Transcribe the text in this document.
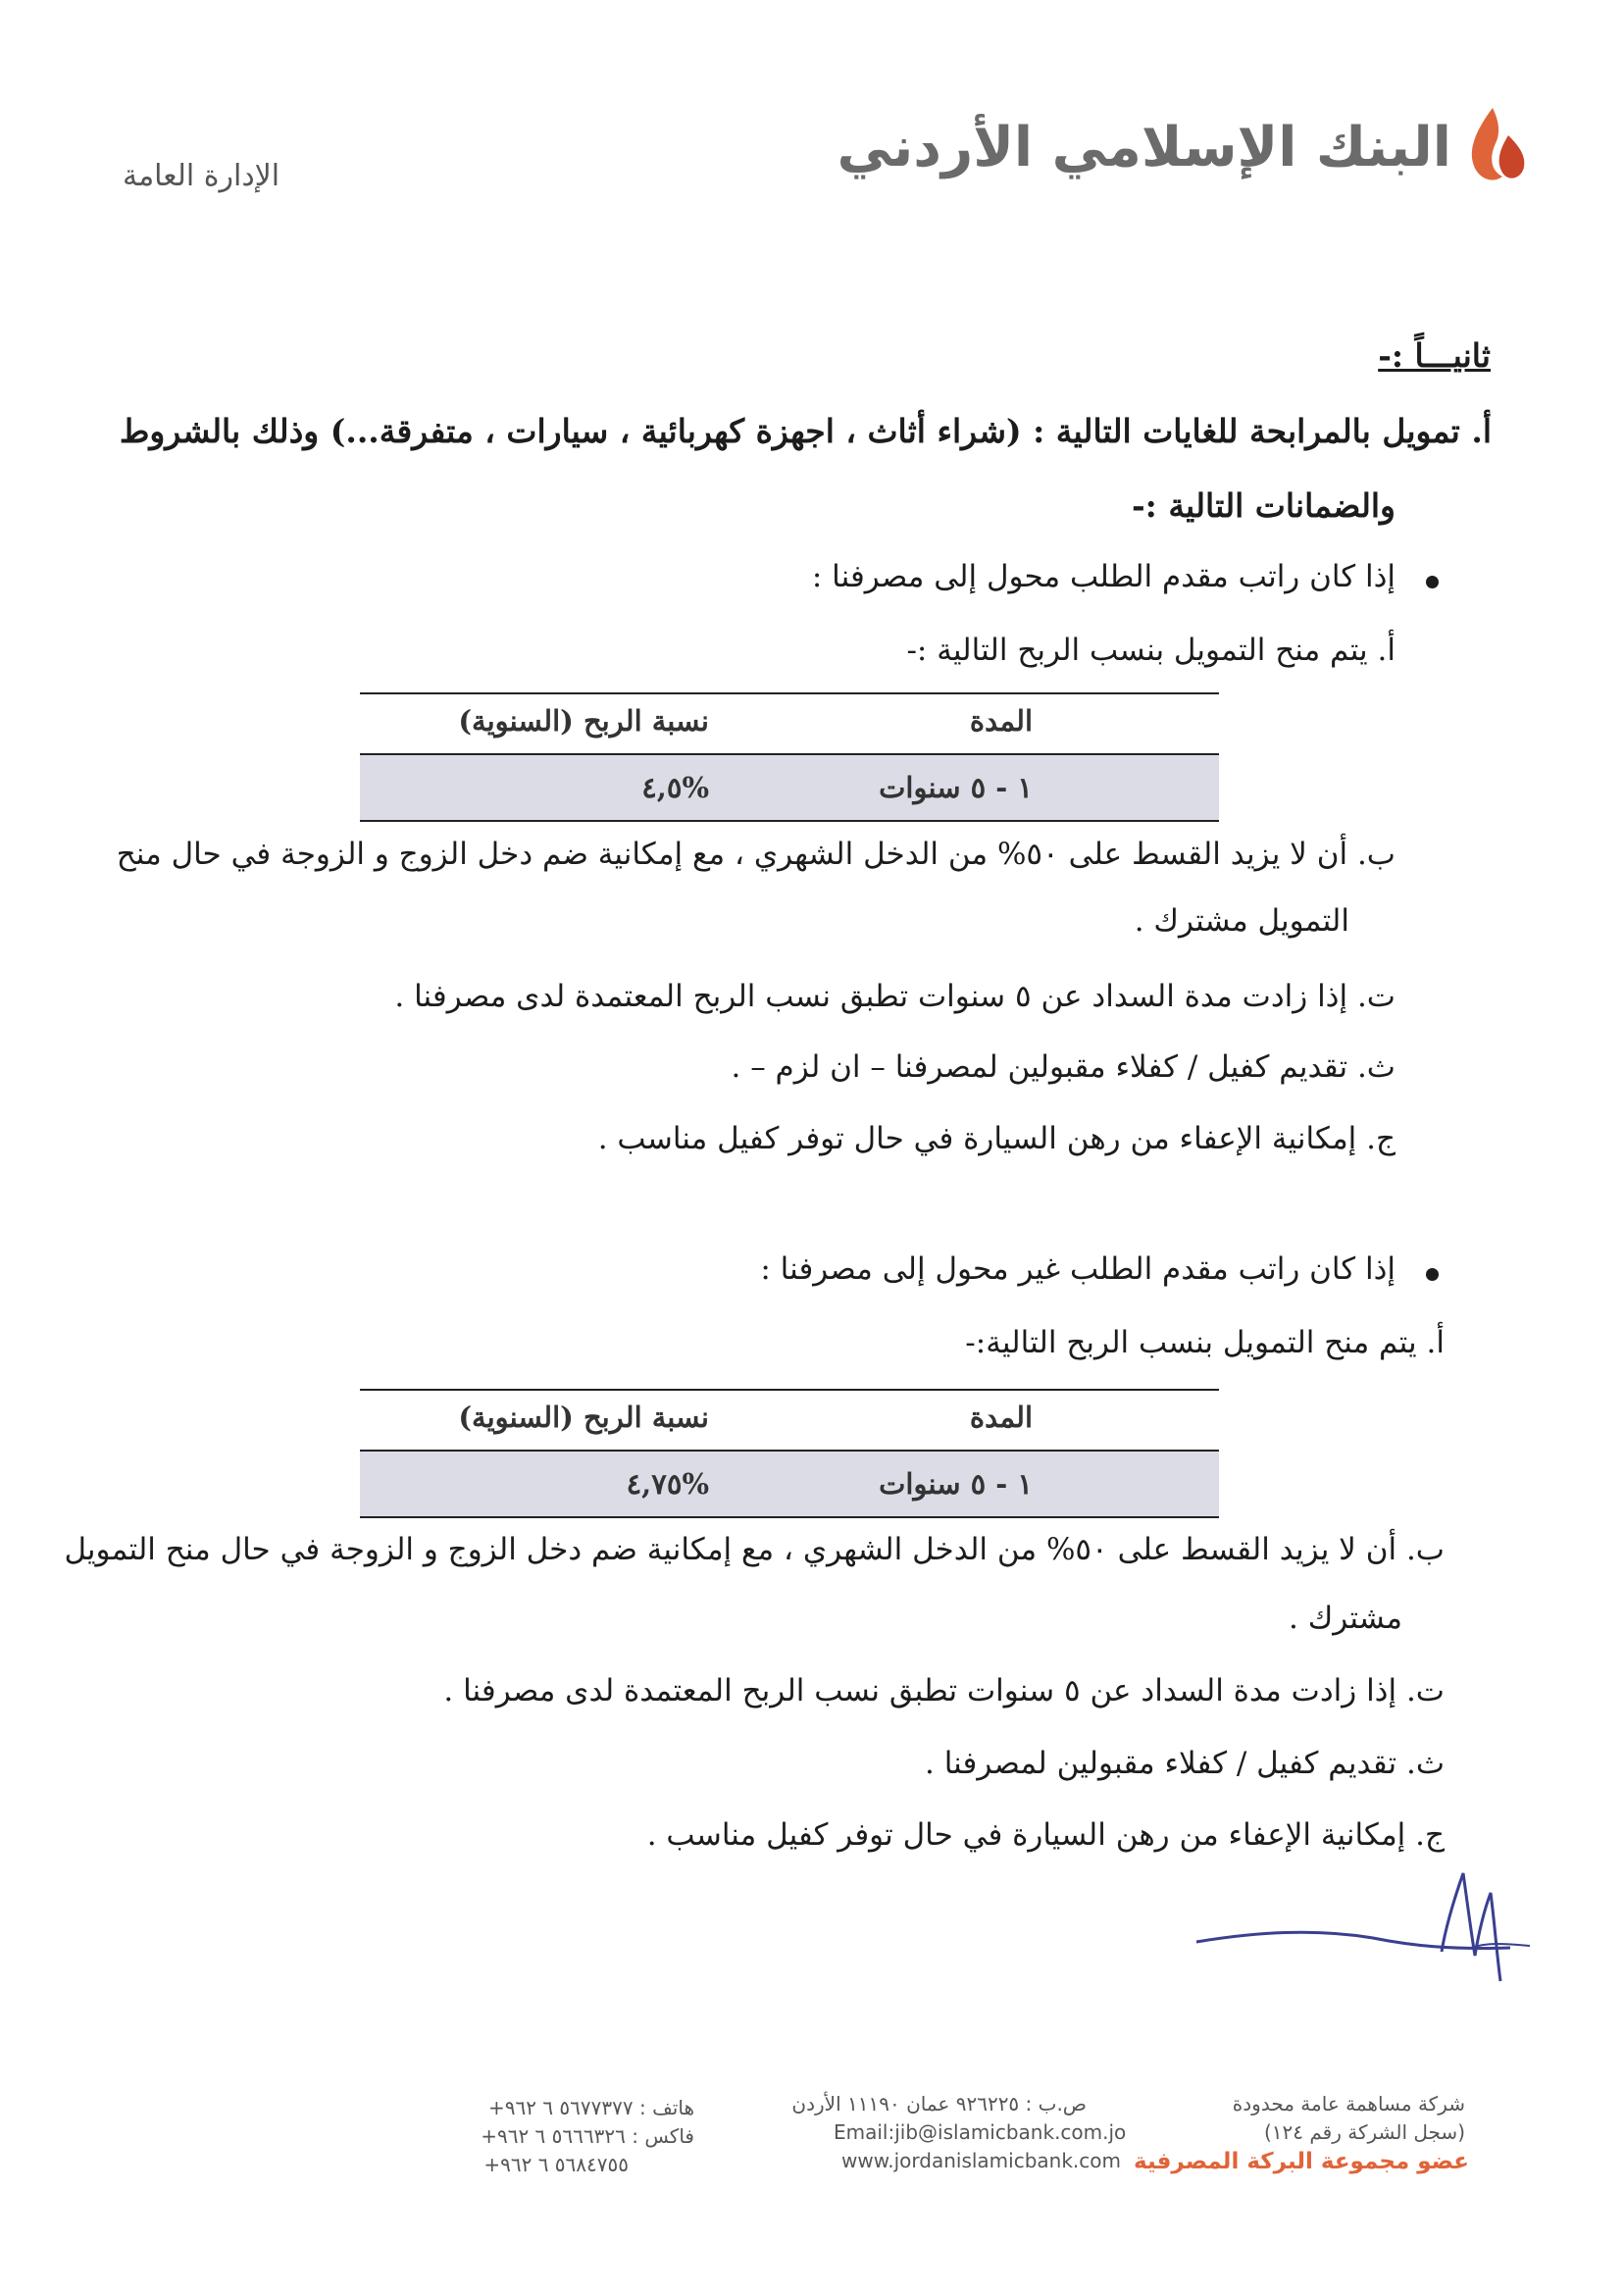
البنك الإسلامي الأردني
الإدارة العامة
ثانيـــاً :-
أ. تمويل بالمرابحة للغايات التالية : (شراء أثاث ، اجهزة كهربائية ، سيارات ، متفرقة...) وذلك بالشروط
والضمانات التالية :-
إذا كان راتب مقدم الطلب محول إلى مصرفنا :
أ. يتم منح التمويل بنسب الربح التالية :-
المدة
نسبة الربح (السنوية)
١ - ٥ سنوات
%٤,٥
ب. أن لا يزيد القسط على ٥٠% من الدخل الشهري ، مع إمكانية ضم دخل الزوج و الزوجة في حال منح
التمويل مشترك .
ت. إذا زادت مدة السداد عن ٥ سنوات تطبق نسب الربح المعتمدة لدى مصرفنا .
ث. تقديم كفيل / كفلاء مقبولين لمصرفنا – ان لزم – .
ج. إمكانية الإعفاء من رهن السيارة في حال توفر كفيل مناسب .
إذا كان راتب مقدم الطلب غير محول إلى مصرفنا :
أ. يتم منح التمويل بنسب الربح التالية:-
المدة
نسبة الربح (السنوية)
١ - ٥ سنوات
%٤,٧٥
ب. أن لا يزيد القسط على ٥٠% من الدخل الشهري ، مع إمكانية ضم دخل الزوج و الزوجة في حال منح التمويل
مشترك .
ت. إذا زادت مدة السداد عن ٥ سنوات تطبق نسب الربح المعتمدة لدى مصرفنا .
ث. تقديم كفيل / كفلاء مقبولين لمصرفنا .
ج. إمكانية الإعفاء من رهن السيارة في حال توفر كفيل مناسب .
شركة مساهمة عامة محدودة
(سجل الشركة رقم ١٢٤)
عضو مجموعة البركة المصرفية
ص.ب : ٩٢٦٢٢٥ عمان ١١١٩٠ الأردن
Email:jib@islamicbank.com.jo
www.jordanislamicbank.com
هاتف : ٥٦٧٧٣٧٧ ٦ ٩٦٢+
فاكس : ٥٦٦٦٣٢٦ ٦ ٩٦٢+
٥٦٨٤٧٥٥ ٦ ٩٦٢+
